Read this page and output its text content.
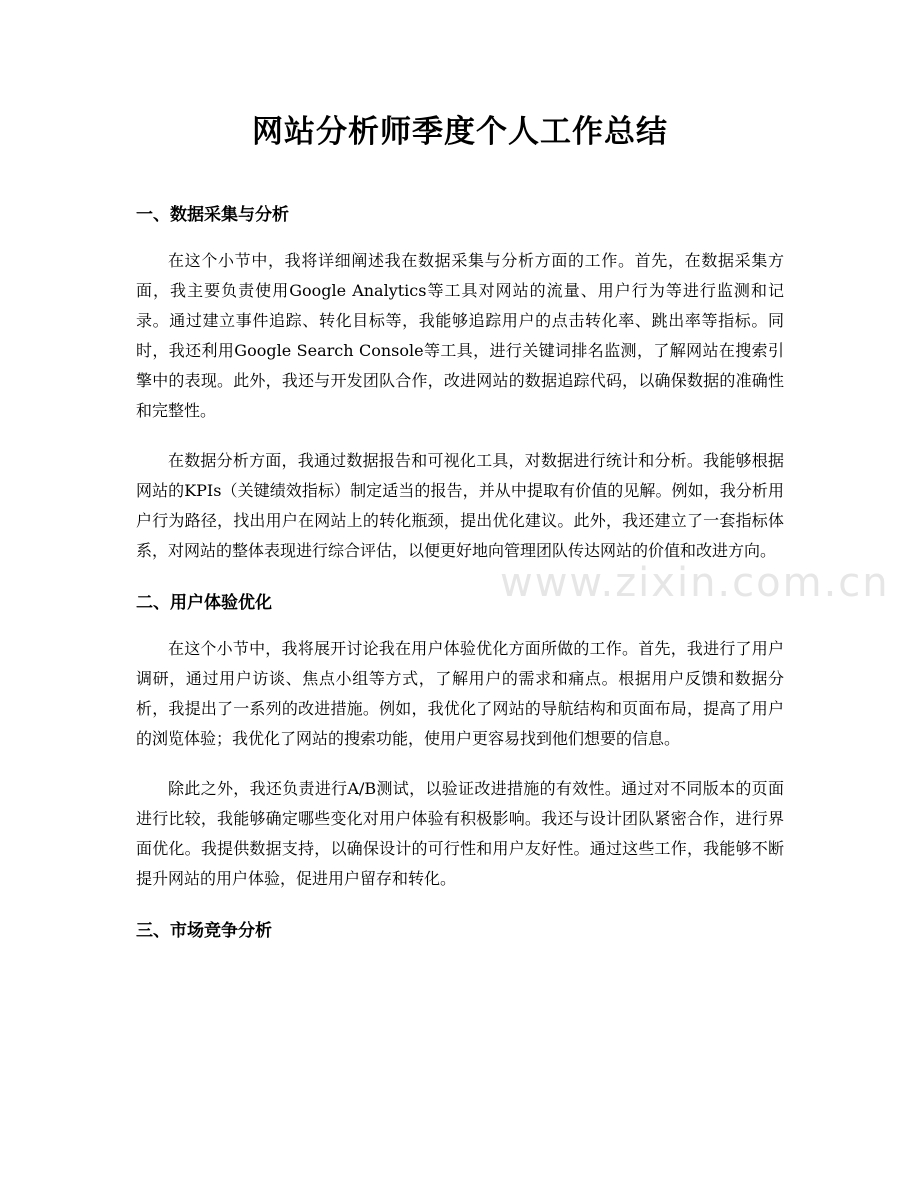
网站分析师季度个人工作总结
一、数据采集与分析

在这个小节中，我将详细阐述我在数据采集与分析方面的工作。首先，在数据采集方面，我主要负责使用Google Analytics等工具对网站的流量、用户行为等进行监测和记录。通过建立事件追踪、转化目标等，我能够追踪用户的点击转化率、跳出率等指标。同时，我还利用Google Search Console等工具，进行关键词排名监测，了解网站在搜索引擎中的表现。此外，我还与开发团队合作，改进网站的数据追踪代码，以确保数据的准确性和完整性。

在数据分析方面，我通过数据报告和可视化工具，对数据进行统计和分析。我能够根据网站的KPIs（关键绩效指标）制定适当的报告，并从中提取有价值的见解。例如，我分析用户行为路径，找出用户在网站上的转化瓶颈，提出优化建议。此外，我还建立了一套指标体系，对网站的整体表现进行综合评估，以便更好地向管理团队传达网站的价值和改进方向。

二、用户体验优化

在这个小节中，我将展开讨论我在用户体验优化方面所做的工作。首先，我进行了用户调研，通过用户访谈、焦点小组等方式，了解用户的需求和痛点。根据用户反馈和数据分析，我提出了一系列的改进措施。例如，我优化了网站的导航结构和页面布局，提高了用户的浏览体验；我优化了网站的搜索功能，使用户更容易找到他们想要的信息。

除此之外，我还负责进行A/B测试，以验证改进措施的有效性。通过对不同版本的页面进行比较，我能够确定哪些变化对用户体验有积极影响。我还与设计团队紧密合作，进行界面优化。我提供数据支持，以确保设计的可行性和用户友好性。通过这些工作，我能够不断提升网站的用户体验，促进用户留存和转化。

三、市场竞争分析
www.zixin.com.cn
